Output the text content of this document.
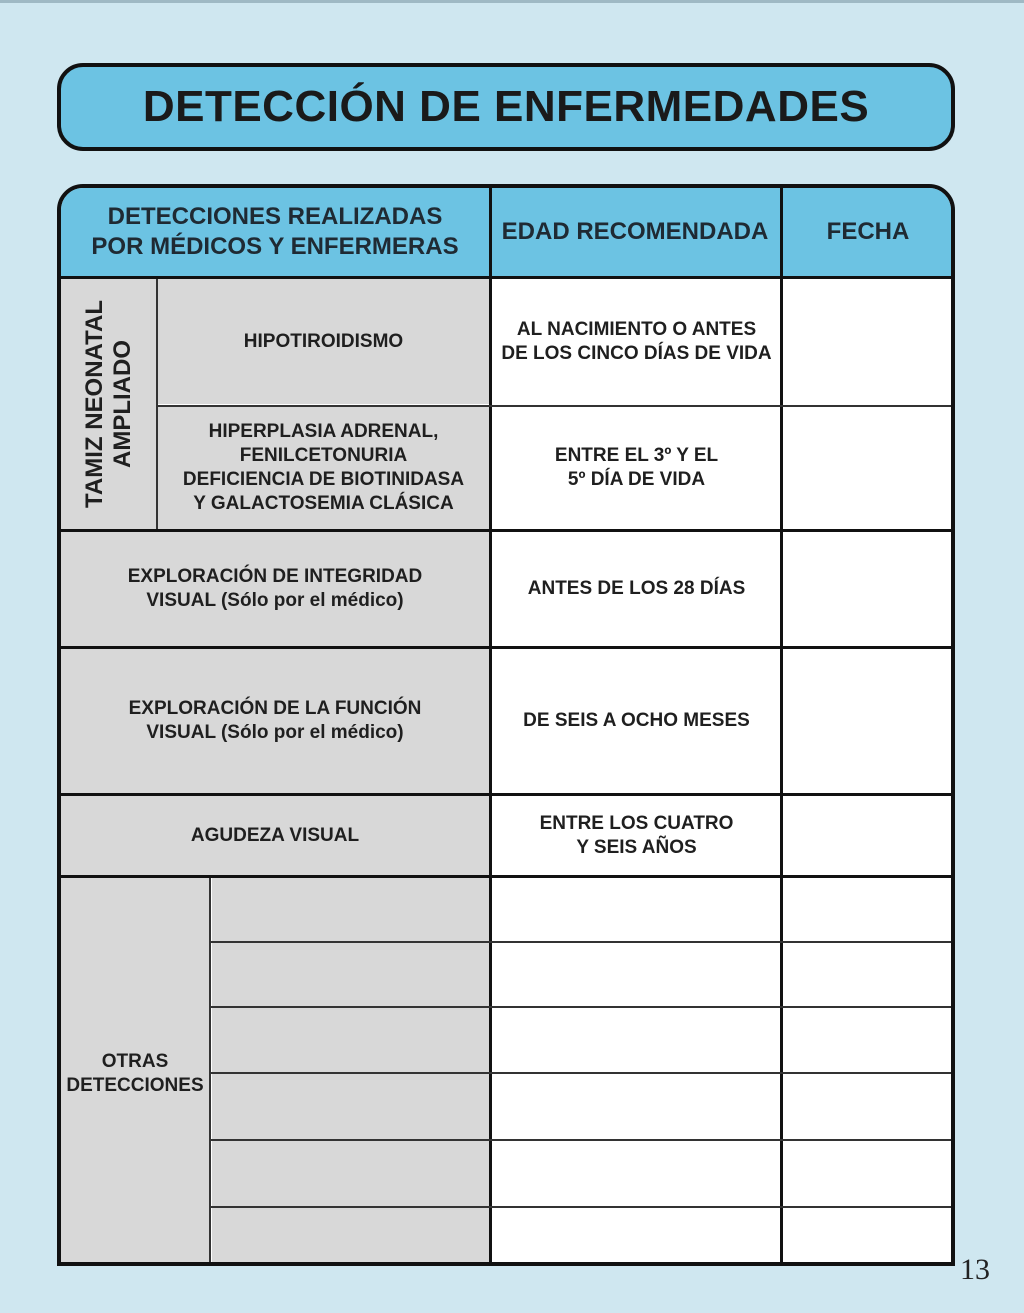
DETECCIÓN DE ENFERMEDADES
DETECCIONES REALIZADAS
POR MÉDICOS Y ENFERMERAS
EDAD RECOMENDADA	FECHA
TAMIZ NEONATAL AMPLIADO	HIPOTIROIDISMO
AL NACIMIENTO O ANTES
DE LOS CINCO DÍAS DE VIDA
HIPERPLASIA ADRENAL,
FENILCETONURIA
DEFICIENCIA DE BIOTINIDASA
Y GALACTOSEMIA CLÁSICA
ENTRE EL 3º Y EL
5º DÍA DE VIDA
EXPLORACIÓN DE INTEGRIDAD
VISUAL (Sólo por el médico)
ANTES DE LOS 28 DÍAS
EXPLORACIÓN DE LA FUNCIÓN
VISUAL (Sólo por el médico)
DE SEIS A OCHO MESES
AGUDEZA VISUAL
ENTRE LOS CUATRO
Y SEIS AÑOS
OTRAS
DETECCIONES
13
